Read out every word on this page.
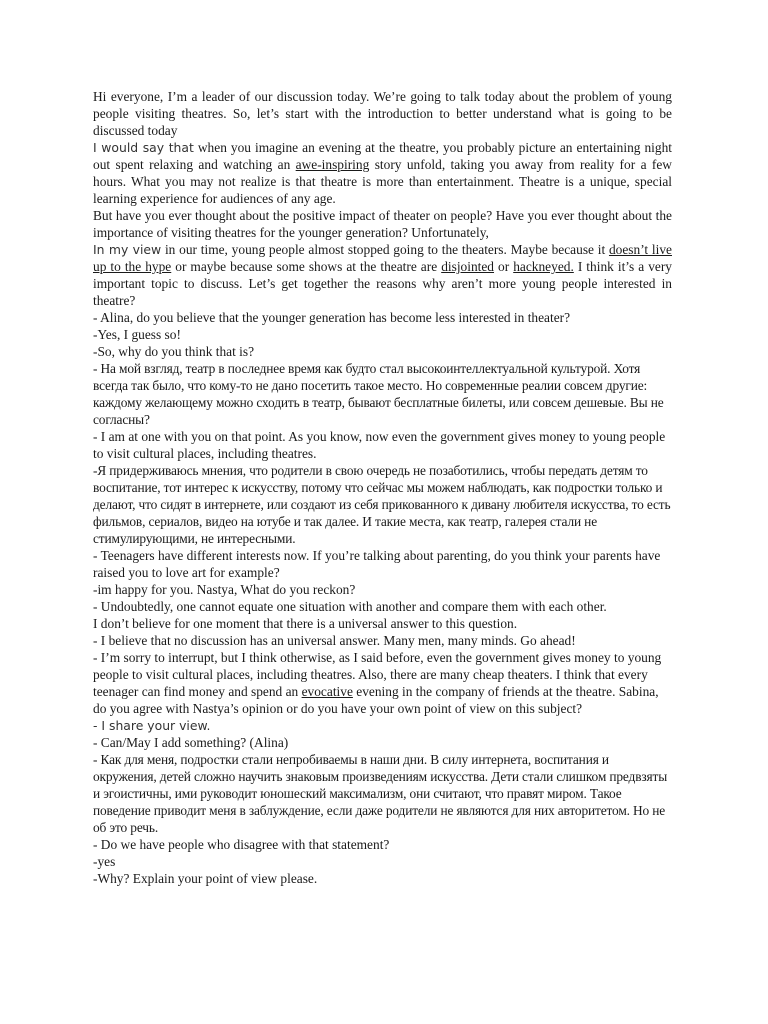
Hi everyone, I’m a leader of our discussion today. We’re going to talk today about the problem of young people visiting theatres. So, let’s start with the introduction to better understand what is going to be discussed today

I would say that when you imagine an evening at the theatre, you probably picture an entertaining night out spent relaxing and watching an awe-inspiring story unfold, taking you away from reality for a few hours. What you may not realize is that theatre is more than entertainment. Theatre is a unique, special learning experience for audiences of any age.

But have you ever thought about the positive impact of theater on people? Have you ever thought about the importance of visiting theatres for the younger generation? Unfortunately,

In my view in our time, young people almost stopped going to the theaters. Maybe because it doesn’t live up to the hype or maybe because some shows at the theatre are disjointed or hackneyed. I think it’s a very important topic to discuss. Let’s get together the reasons why aren’t more young people interested in theatre?

- Alina, do you believe that the younger generation has become less interested in theater?

-Yes, I guess so!

-So, why do you think that is?

- На мой взгляд, театр в последнее время как будто стал высокоинтеллектуальной культурой. Хотя всегда так было, что кому-то не дано посетить такое место. Но современные реалии совсем другие: каждому желающему можно сходить в театр, бывают бесплатные билеты, или совсем дешевые. Вы не согласны?

- I am at one with you on that point. As you know, now even the government gives money to young people to visit cultural places, including theatres.

-Я придерживаюсь мнения, что родители в свою очередь не позаботились, чтобы передать детям то воспитание, тот интерес к искусству, потому что сейчас мы можем наблюдать, как подростки только и делают, что сидят в интернете, или создают из себя прикованного к дивану любителя искусства, то есть фильмов, сериалов, видео на ютубе и так далее. И такие места, как театр, галерея стали не стимулирующими, не интересными.

- Teenagers have different interests now. If you’re talking about parenting, do you think your parents have raised you to love art for example?

-im happy for you. Nastya, What do you reckon?

- Undoubtedly, one cannot equate one situation with another and compare them with each other.

I don’t believe for one moment that there is a universal answer to this question.

- I believe that no discussion has an universal answer. Many men, many minds. Go ahead!

- I’m sorry to interrupt, but I think otherwise, as I said before, even the government gives money to young people to visit cultural places, including theatres. Also, there are many cheap theaters. I think that every teenager can find money and spend an evocative evening in the company of friends at the theatre. Sabina, do you agree with Nastya’s opinion or do you have your own point of view on this subject?

- I share your view.

- Can/May I add something? (Alina)

- Как для меня, подростки стали непробиваемы в наши дни. В силу интернета, воспитания и окружения, детей сложно научить знаковым произведениям искусства. Дети стали слишком предвзяты и эгоистичны, ими руководит юношеский максимализм, они считают, что правят миром. Такое поведение приводит меня в заблуждение, если даже родители не являются для них авторитетом. Но не об это речь.

- Do we have people who disagree with that statement?

-yes

-Why? Explain your point of view please.
